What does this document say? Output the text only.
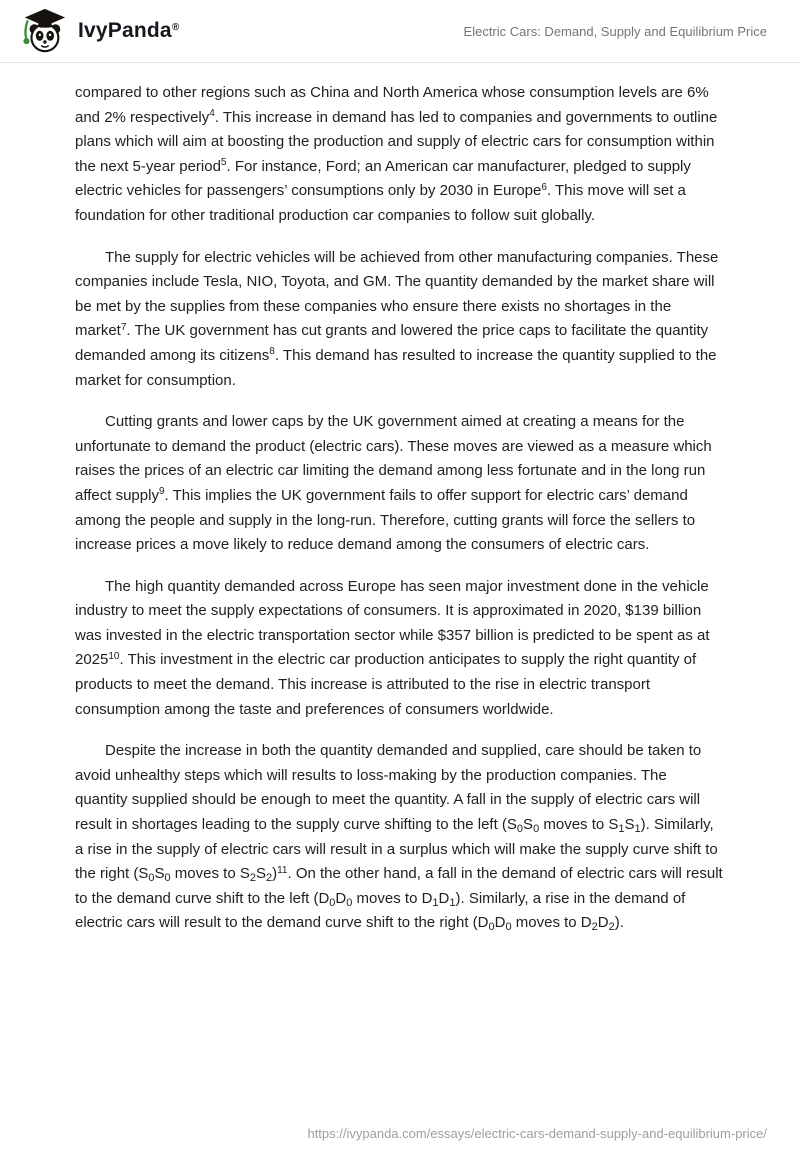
IvyPanda®	Electric Cars: Demand, Supply and Equilibrium Price

compared to other regions such as China and North America whose consumption levels are 6% and 2% respectively$^4$. This increase in demand has led to companies and governments to outline plans which will aim at boosting the production and supply of electric cars for consumption within the next 5-year period$^5$. For instance, Ford; an American car manufacturer, pledged to supply electric vehicles for passengers’ consumptions only by 2030 in Europe$^6$. This move will set a foundation for other traditional production car companies to follow suit globally.

The supply for electric vehicles will be achieved from other manufacturing companies. These companies include Tesla, NIO, Toyota, and GM. The quantity demanded by the market share will be met by the supplies from these companies who ensure there exists no shortages in the market$^7$. The UK government has cut grants and lowered the price caps to facilitate the quantity demanded among its citizens$^8$. This demand has resulted to increase the quantity supplied to the market for consumption.

Cutting grants and lower caps by the UK government aimed at creating a means for the unfortunate to demand the product (electric cars). These moves are viewed as a measure which raises the prices of an electric car limiting the demand among less fortunate and in the long run affect supply$^9$. This implies the UK government fails to offer support for electric cars’ demand among the people and supply in the long-run. Therefore, cutting grants will force the sellers to increase prices a move likely to reduce demand among the consumers of electric cars.

The high quantity demanded across Europe has seen major investment done in the vehicle industry to meet the supply expectations of consumers. It is approximated in 2020, $139 billion was invested in the electric transportation sector while $357 billion is predicted to be spent as at 2025$^{10}$. This investment in the electric car production anticipates to supply the right quantity of products to meet the demand. This increase is attributed to the rise in electric transport consumption among the taste and preferences of consumers worldwide.

Despite the increase in both the quantity demanded and supplied, care should be taken to avoid unhealthy steps which will results to loss-making by the production companies. The quantity supplied should be enough to meet the quantity. A fall in the supply of electric cars will result in shortages leading to the supply curve shifting to the left ($S_0S_0$ moves to $S_1S_1$). Similarly, a rise in the supply of electric cars will result in a surplus which will make the supply curve shift to the right ($S_0S_0$ moves to $S_2S_2)^{11}$. On the other hand, a fall in the demand of electric cars will result to the demand curve shift to the left ($D_0D_0$ moves to $D_1D_1$). Similarly, a rise in the demand of electric cars will result to the demand curve shift to the right ($D_0D_0$ moves to $D_2D_2$).

https://ivypanda.com/essays/electric-cars-demand-supply-and-equilibrium-price/
